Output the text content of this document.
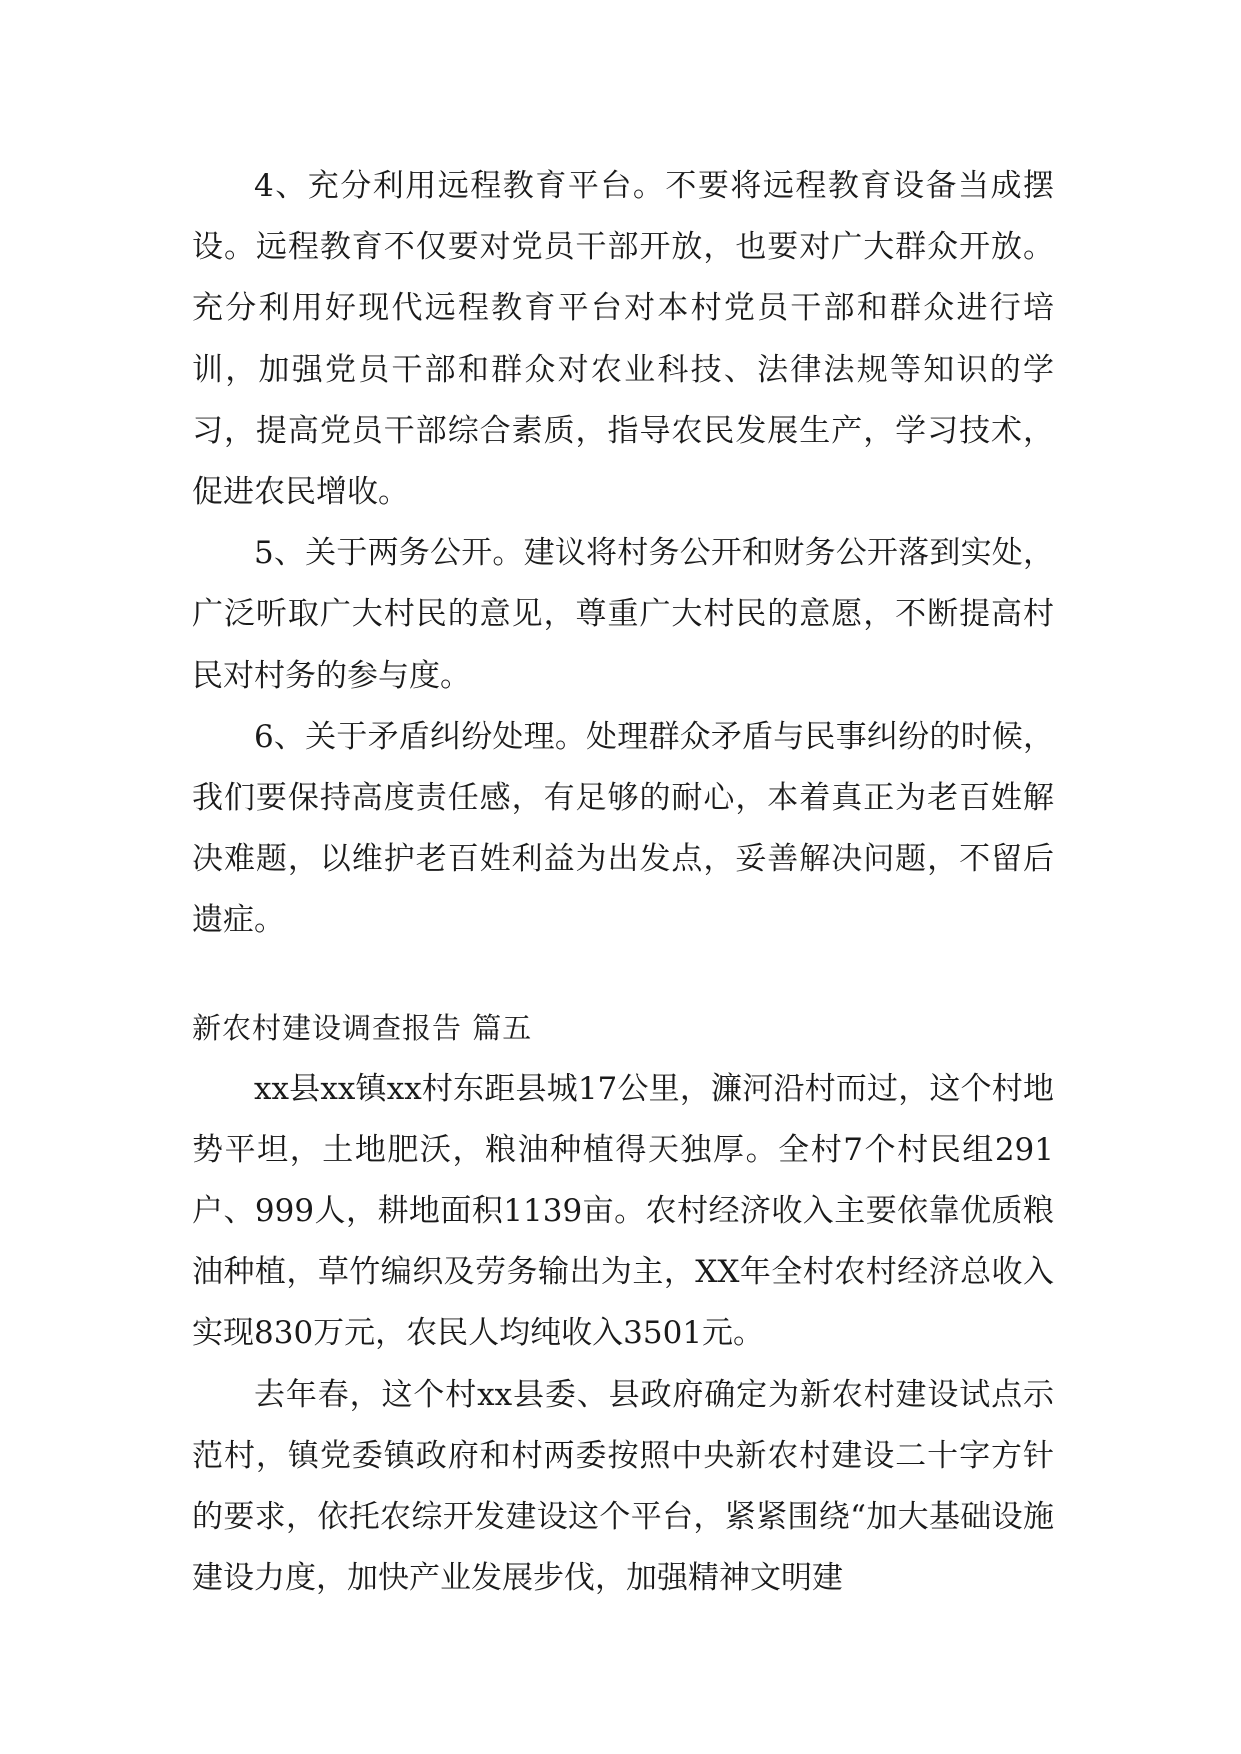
4、充分利用远程教育平台。不要将远程教育设备当成摆设。远程教育不仅要对党员干部开放，也要对广大群众开放。充分利用好现代远程教育平台对本村党员干部和群众进行培训，加强党员干部和群众对农业科技、法律法规等知识的学习，提高党员干部综合素质，指导农民发展生产，学习技术，促进农民增收。

5、关于两务公开。建议将村务公开和财务公开落到实处，广泛听取广大村民的意见，尊重广大村民的意愿，不断提高村民对村务的参与度。

6、关于矛盾纠纷处理。处理群众矛盾与民事纠纷的时候，我们要保持高度责任感，有足够的耐心，本着真正为老百姓解决难题，以维护老百姓利益为出发点，妥善解决问题，不留后遗症。

新农村建设调查报告 篇五

xx县xx镇xx村东距县城17公里，濂河沿村而过，这个村地势平坦，土地肥沃，粮油种植得天独厚。全村7个村民组291户、999人，耕地面积1139亩。农村经济收入主要依靠优质粮油种植，草竹编织及劳务输出为主，XX年全村农村经济总收入实现830万元，农民人均纯收入3501元。

去年春，这个村xx县委、县政府确定为新农村建设试点示范村，镇党委镇政府和村两委按照中央新农村建设二十字方针的要求，依托农综开发建设这个平台，紧紧围绕“加大基础设施建设力度，加快产业发展步伐，加强精神文明建
